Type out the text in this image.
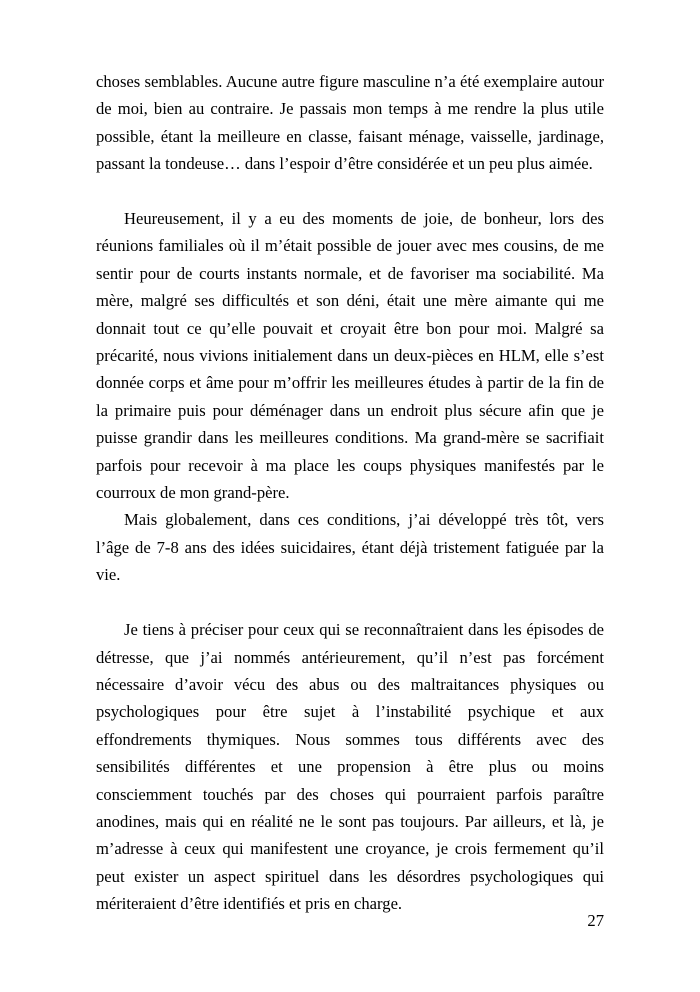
choses semblables. Aucune autre figure masculine n’a été exemplaire autour de moi, bien au contraire. Je passais mon temps à me rendre la plus utile possible, étant la meilleure en classe, faisant ménage, vaisselle, jardinage, passant la tondeuse… dans l’espoir d’être considérée et un peu plus aimée.

Heureusement, il y a eu des moments de joie, de bonheur, lors des réunions familiales où il m’était possible de jouer avec mes cousins, de me sentir pour de courts instants normale, et de favoriser ma sociabilité. Ma mère, malgré ses difficultés et son déni, était une mère aimante qui me donnait tout ce qu’elle pouvait et croyait être bon pour moi. Malgré sa précarité, nous vivions initialement dans un deux-pièces en HLM, elle s’est donnée corps et âme pour m’offrir les meilleures études à partir de la fin de la primaire puis pour déménager dans un endroit plus sécure afin que je puisse grandir dans les meilleures conditions. Ma grand-mère se sacrifiait parfois pour recevoir à ma place les coups physiques manifestés par le courroux de mon grand-père.

Mais globalement, dans ces conditions, j’ai développé très tôt, vers l’âge de 7-8 ans des idées suicidaires, étant déjà tristement fatiguée par la vie.

Je tiens à préciser pour ceux qui se reconnaîtraient dans les épisodes de détresse, que j’ai nommés antérieurement, qu’il n’est pas forcément nécessaire d’avoir vécu des abus ou des maltraitances physiques ou psychologiques pour être sujet à l’instabilité psychique et aux effondrements thymiques. Nous sommes tous différents avec des sensibilités différentes et une propension à être plus ou moins consciemment touchés par des choses qui pourraient parfois paraître anodines, mais qui en réalité ne le sont pas toujours. Par ailleurs, et là, je m’adresse à ceux qui manifestent une croyance, je crois fermement qu’il peut exister un aspect spirituel dans les désordres psychologiques qui mériteraient d’être identifiés et pris en charge.

27
